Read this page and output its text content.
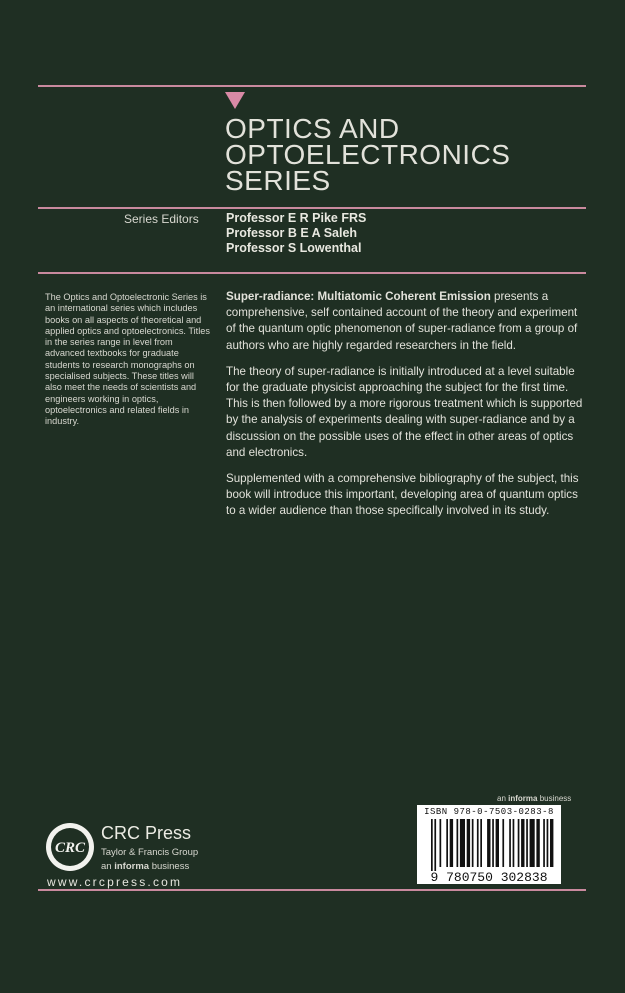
OPTICS AND
OPTOELECTRONICS
SERIES
Series Editors Professor E R Pike FRS
Professor B E A Saleh
Professor S Lowenthal
The Optics and Optoelectronic Series is an international series which includes books on all aspects of theoretical and applied optics and optoelectronics. Titles in the series range in level from advanced textbooks for graduate students to research monographs on specialised subjects. These titles will also meet the needs of scientists and engineers working in optics, optoelectronics and related fields in industry.

Super-radiance: Multiatomic Coherent Emission presents a comprehensive, self contained account of the theory and experiment of the quantum optic phenomenon of super-radiance from a group of authors who are highly regarded researchers in the field.

The theory of super-radiance is initially introduced at a level suitable for the graduate physicist approaching the subject for the first time. This is then followed by a more rigorous treatment which is supported by the analysis of experiments dealing with super-radiance and by a discussion on the possible uses of the effect in other areas of optics and electronics.

Supplemented with a comprehensive bibliography of the subject, this book will introduce this important, developing area of quantum optics to a wider audience than those specifically involved in its study.

an informa business
9 780750 302838
ISBN 978-0-7503-0283-8
CRC
CRC Press
Taylor & Francis Group
an informa business
www.crcpress.com
